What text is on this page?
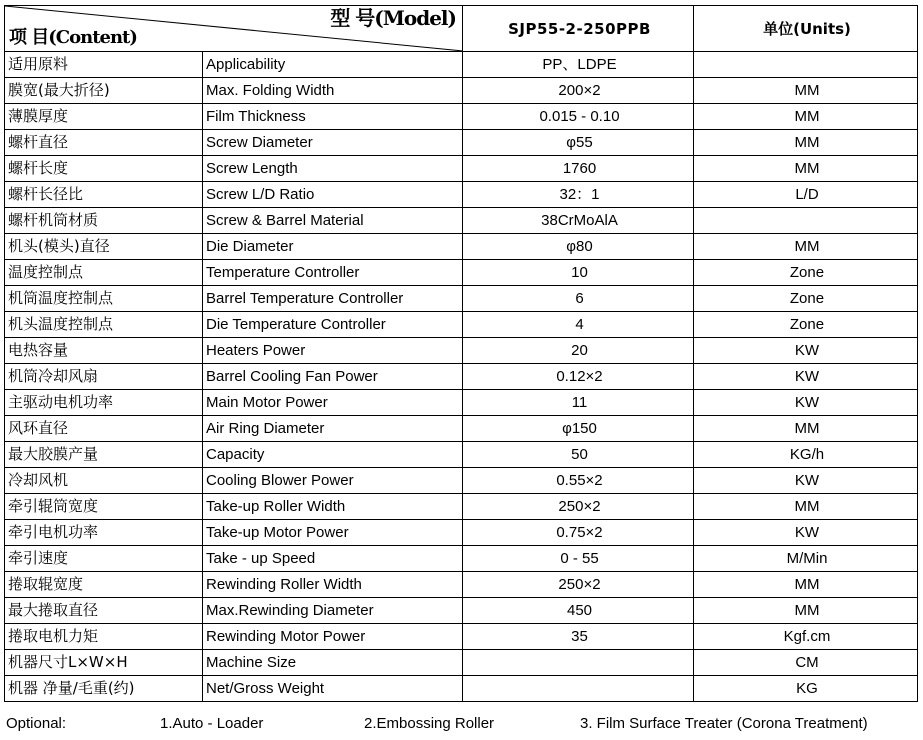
项 目(Content)
型 号(Model)		SJP55-2-250PPB	单位(Units)
适用原料	Applicability	PP、LDPE	
膜宽(最大折径)	Max. Folding Width	200×2	MM
薄膜厚度	Film Thickness	0.015 - 0.10	MM
螺杆直径	Screw Diameter	φ55	MM
螺杆长度	Screw Length	1760	MM
螺杆长径比	Screw L/D Ratio	32：1	L/D
螺杆机筒材质	Screw & Barrel Material	38CrMoAlA	
机头(模头)直径	Die Diameter	φ80	MM
温度控制点	Temperature Controller	10	Zone
机筒温度控制点	Barrel Temperature Controller	6	Zone
机头温度控制点	Die Temperature Controller	4	Zone
电热容量	Heaters Power	20	KW
机筒冷却风扇	Barrel Cooling Fan Power	0.12×2	KW
主驱动电机功率	Main Motor Power	11	KW
风环直径	Air Ring Diameter	φ150	MM
最大胶膜产量	Capacity	50	KG/h
冷却风机	Cooling Blower Power	0.55×2	KW
牵引辊筒宽度	Take-up Roller Width	250×2	MM
牵引电机功率	Take-up Motor Power	0.75×2	KW
牵引速度	Take - up Speed	0 - 55	M/Min
捲取辊宽度	Rewinding Roller Width	250×2	MM
最大捲取直径	Max.Rewinding Diameter	450	MM
捲取电机力矩	Rewinding Motor Power	35	Kgf.cm
机器尺寸L×W×H	Machine Size		CM
机器 净量/毛重(约)	Net/Gross Weight		KG
Optional:	1.Auto - Loader	2.Embossing Roller	3. Film Surface Treater (Corona Treatment)
